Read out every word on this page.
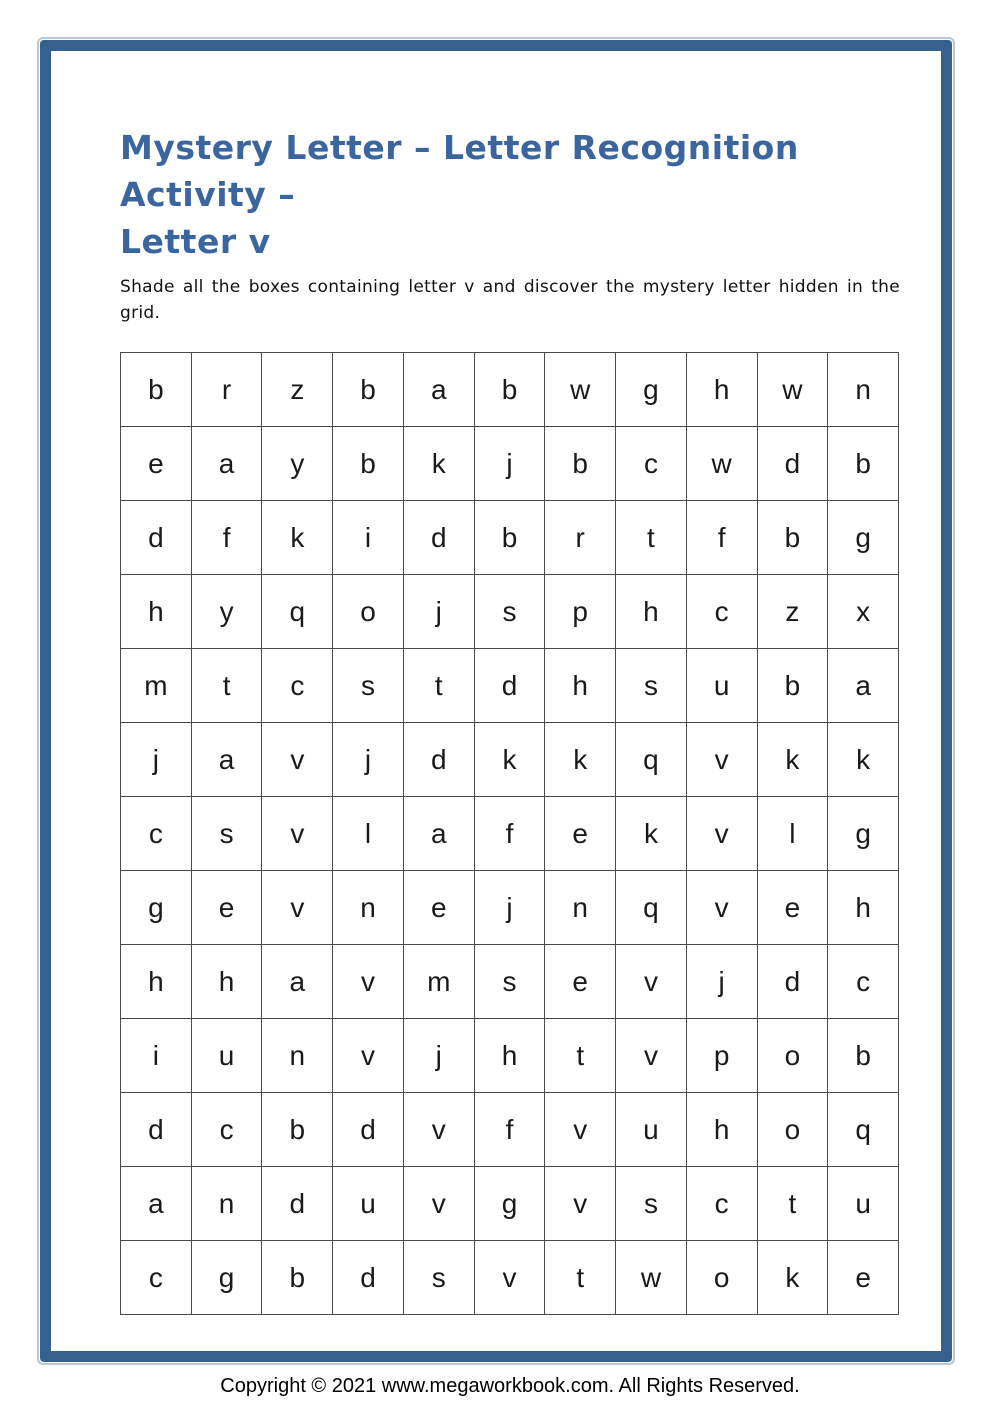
Mystery Letter – Letter Recognition Activity –
Letter v

Shade all the boxes containing letter v and discover the mystery letter hidden in the grid.

b r z b a b w g h w n
e a y b k j b c w d b
d f k i d b r t f b g
h y q o j s p h c z x
m t c s t d h s u b a
j a v j d k k q v k k
c s v l a f e k v l g
g e v n e j n q v e h
h h a v m s e v j d c
i u n v j h t v p o b
d c b d v f v u h o q
a n d u v g v s c t u
c g b d s v t w o k e
Copyright © 2021 www.megaworkbook.com. All Rights Reserved.
